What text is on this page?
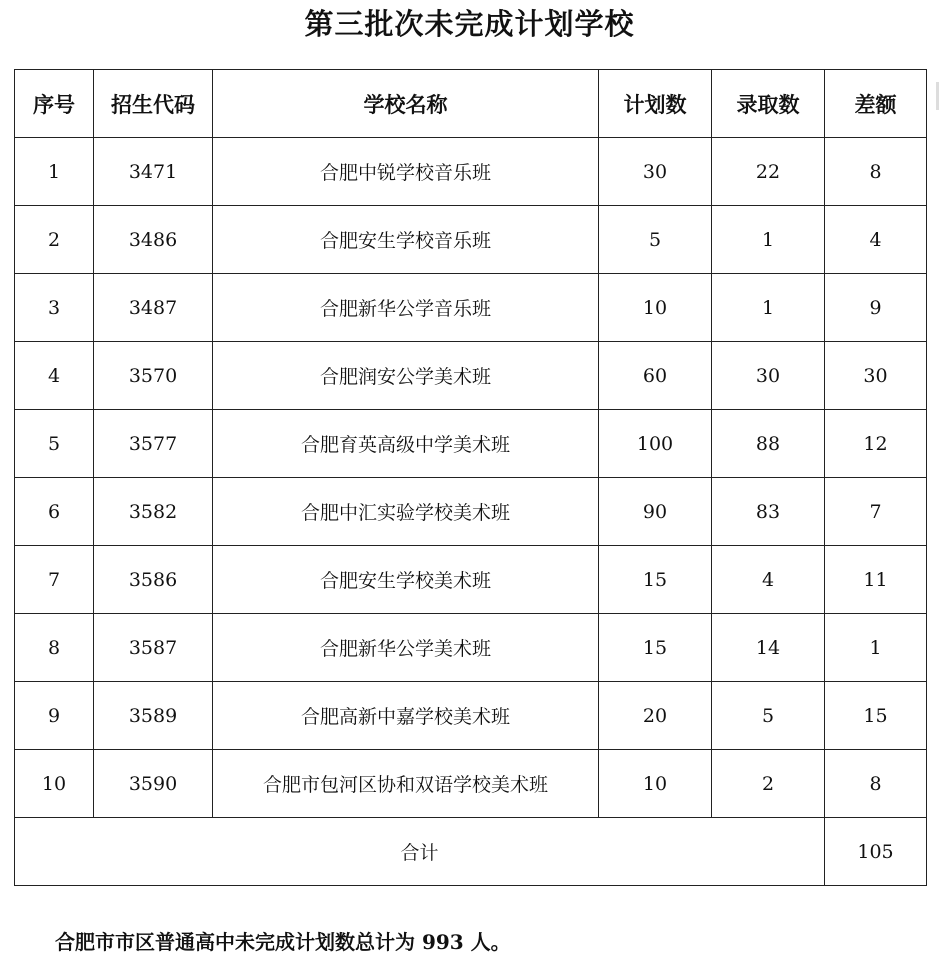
第三批次未完成计划学校
序号	招生代码	学校名称	计划数	录取数	差额
1	3471	合肥中锐学校音乐班	30	22	8
2	3486	合肥安生学校音乐班	5	1	4
3	3487	合肥新华公学音乐班	10	1	9
4	3570	合肥润安公学美术班	60	30	30
5	3577	合肥育英高级中学美术班	100	88	12
6	3582	合肥中汇实验学校美术班	90	83	7
7	3586	合肥安生学校美术班	15	4	11
8	3587	合肥新华公学美术班	15	14	1
9	3589	合肥高新中嘉学校美术班	20	5	15
10	3590	合肥市包河区协和双语学校美术班	10	2	8
合计					105
合肥市市区普通高中未完成计划数总计为 993 人。
